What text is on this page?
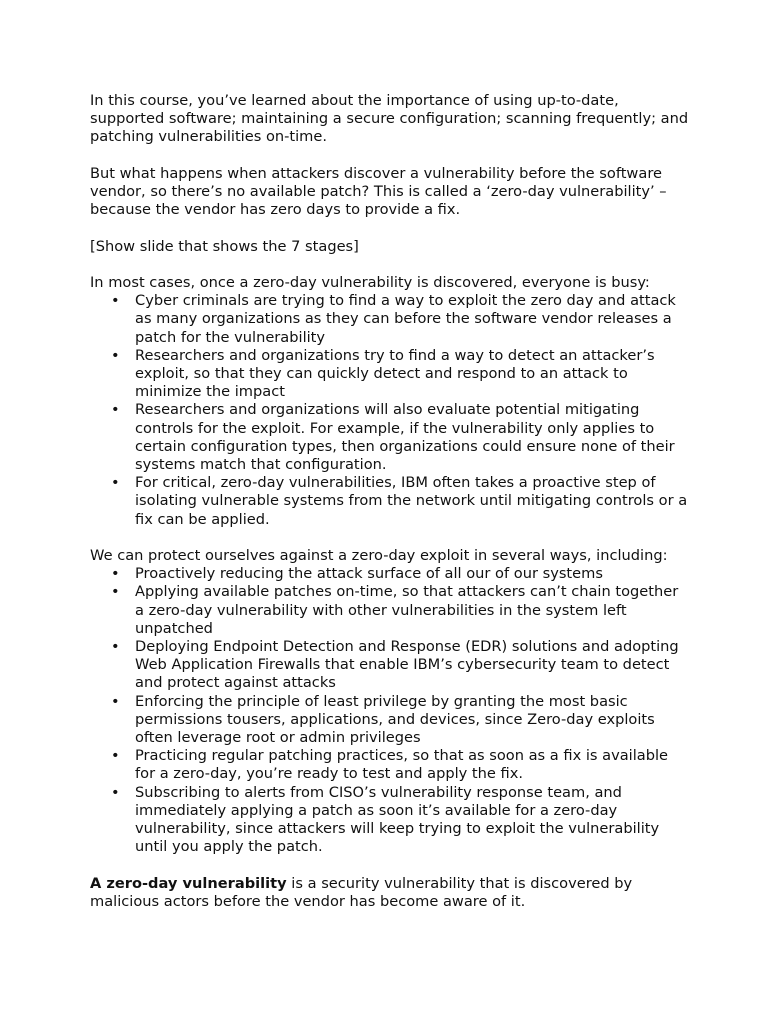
In this course, you’ve learned about the importance of using up-to-date, supported software; maintaining a secure configuration; scanning frequently; and patching vulnerabilities on-time.

But what happens when attackers discover a vulnerability before the software vendor, so there’s no available patch? This is called a ‘zero-day vulnerability’ – because the vendor has zero days to provide a fix.

[Show slide that shows the 7 stages]

In most cases, once a zero-day vulnerability is discovered, everyone is busy:

• Cyber criminals are trying to find a way to exploit the zero day and attack as many organizations as they can before the software vendor releases a patch for the vulnerability
• Researchers and organizations try to find a way to detect an attacker’s exploit, so that they can quickly detect and respond to an attack to minimize the impact
• Researchers and organizations will also evaluate potential mitigating controls for the exploit. For example, if the vulnerability only applies to certain configuration types, then organizations could ensure none of their systems match that configuration.
• For critical, zero-day vulnerabilities, IBM often takes a proactive step of isolating vulnerable systems from the network until mitigating controls or a fix can be applied.

We can protect ourselves against a zero-day exploit in several ways, including:

• Proactively reducing the attack surface of all our of our systems
• Applying available patches on-time, so that attackers can’t chain together a zero-day vulnerability with other vulnerabilities in the system left unpatched
• Deploying Endpoint Detection and Response (EDR) solutions and adopting Web Application Firewalls that enable IBM’s cybersecurity team to detect and protect against attacks
• Enforcing the principle of least privilege by granting the most basic permissions tousers, applications, and devices, since Zero-day exploits often leverage root or admin privileges
• Practicing regular patching practices, so that as soon as a fix is available for a zero-day, you’re ready to test and apply the fix.
• Subscribing to alerts from CISO’s vulnerability response team, and immediately applying a patch as soon it’s available for a zero-day vulnerability, since attackers will keep trying to exploit the vulnerability until you apply the patch.

A zero-day vulnerability is a security vulnerability that is discovered by malicious actors before the vendor has become aware of it.
